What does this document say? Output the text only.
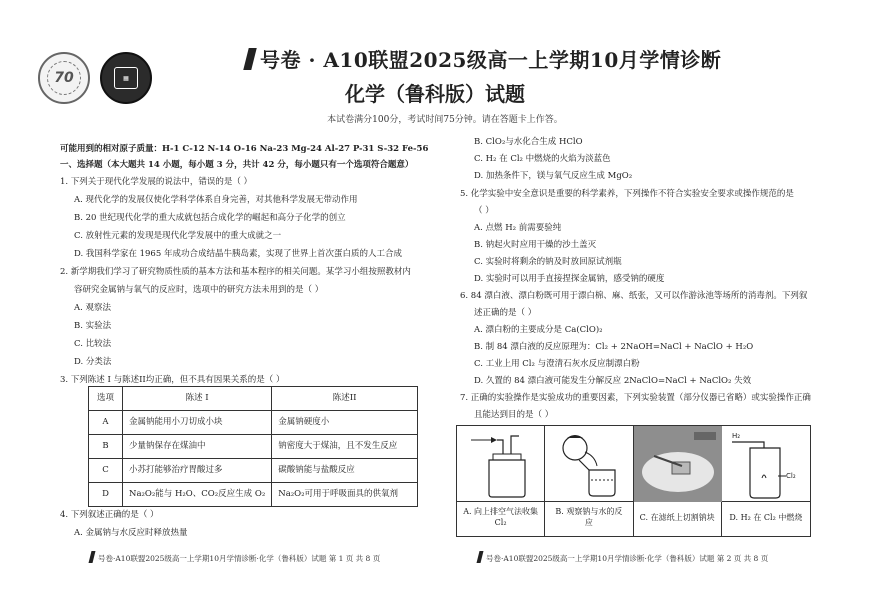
70	▦
号卷 · A10联盟2025级高一上学期10月学情诊断
化学（鲁科版）试题
本试卷满分100分，考试时间75分钟。请在答题卡上作答。
可能用到的相对原子质量：H-1 C-12 N-14 O-16 Na-23 Mg-24 Al-27 P-31 S-32 Fe-56
一、选择题（本大题共 14 小题，每小题 3 分，共计 42 分，每小题只有一个选项符合题意）
1. 下列关于现代化学发展的说法中，错误的是（ ）
A. 现代化学的发展仅使化学科学体系自身完善，对其他科学发展无带动作用
B. 20 世纪现代化学的重大成就包括合成化学的崛起和高分子化学的创立
C. 放射性元素的发现是现代化学发展中的重大成就之一
D. 我国科学家在 1965 年成功合成结晶牛胰岛素，实现了世界上首次蛋白质的人工合成
2. 新学期我们学习了研究物质性质的基本方法和基本程序的相关问题。某学习小组按照教材内
容研究金属钠与氧气的反应时，选项中的研究方法未用到的是（ ）
A. 观察法
B. 实验法
C. 比较法
D. 分类法
3. 下列陈述 I 与陈述II均正确，但不具有因果关系的是（ ）
选项	陈述 I	陈述II
A	金属钠能用小刀切成小块	金属钠硬度小
B	少量钠保存在煤油中	钠密度大于煤油，且不发生反应
C	小苏打能够治疗胃酸过多	碳酸钠能与盐酸反应
D	Na₂O₂能与 H₂O、CO₂反应生成 O₂	Na₂O₂可用于呼吸面具的供氧剂
4. 下列叙述正确的是（ ）
A. 金属钠与水反应时释放热量
B. ClO₂与水化合生成 HClO
C. H₂ 在 Cl₂ 中燃烧的火焰为淡蓝色
D. 加热条件下，镁与氧气反应生成 MgO₂
5. 化学实验中安全意识是重要的科学素养，下列操作不符合实验安全要求或操作规范的是
（ ）
A. 点燃 H₂ 前需要验纯
B. 钠起火时应用干燥的沙土盖灭
C. 实验时将剩余的钠及时放回原试剂瓶
D. 实验时可以用手直接捏探金属钠，感受钠的硬度
6. 84 漂白液、漂白粉既可用于漂白棉、麻、纸张，又可以作游泳池等场所的消毒剂。下列叙
述正确的是（ ）
A. 漂白粉的主要成分是 Ca(ClO)₂
B. 制 84 漂白液的反应原理为：Cl₂ + 2NaOH=NaCl + NaClO + H₂O
C. 工业上用 Cl₂ 与澄清石灰水反应制漂白粉
D. 久置的 84 漂白液可能发生分解反应 2NaClO=NaCl + NaClO₂ 失效
7. 正确的实验操作是实验成功的重要因素，下列实验装置（部分仪器已省略）或实验操作正确
且能达到目的是（ ）
A. 向上排空气法收集
Cl₂
B. 观察钠与水的反
应
C. 在滤纸上切割钠块
H₂
Cl₂
D. H₂ 在 Cl₂ 中燃烧
号卷·A10联盟2025级高一上学期10月学情诊断·化学（鲁科版）试题 第 1 页 共 8 页	号卷·A10联盟2025级高一上学期10月学情诊断·化学（鲁科版）试题 第 2 页 共 8 页
